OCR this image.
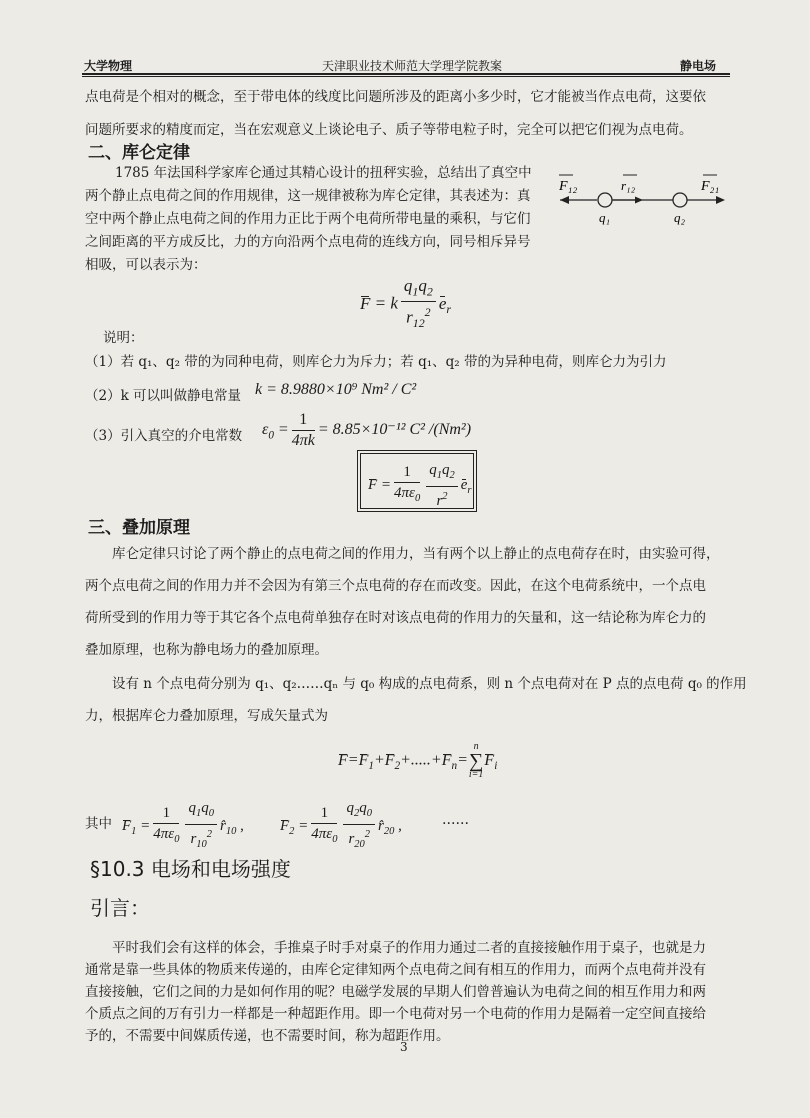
大学物理	天津职业技术师范大学理学院教案	静电场
点电荷是个相对的概念，至于带电体的线度比问题所涉及的距离小多少时，它才能被当作点电荷，这要依
问题所要求的精度而定，当在宏观意义上谈论电子、质子等带电粒子时，完全可以把它们视为点电荷。
二、库仑定律
1785 年法国科学家库仑通过其精心设计的扭秤实验，总结出了真空中
两个静止点电荷之间的作用规律，这一规律被称为库仑定律，其表述为：真
空中两个静止点电荷之间的作用力正比于两个电荷所带电量的乘积，与它们
之间距离的平方成反比，力的方向沿两个点电荷的连线方向，同号相斥异号
相吸，可以表示为：
F₁₂	r₁₂	F₂₁
q₁	q₂
F = k $\frac{q_1q_2}{r_{12}^2} e_r$
说明：
（1）若 q₁、q₂ 带的为同种电荷，则库仑力为斥力；若 q₁、q₂ 带的为异种电荷，则库仑力为引力
（2）k 可以叫做静电常量 k = 8.9880×10⁹ Nm² / C²
（3）引入真空的介电常数 $\varepsilon_0 = \frac{1}{4\pi k} = 8.85\times 10^{-12}$ C² /(Nm²)
$F = \frac{1}{4\pi\varepsilon_0} \frac{q_1q_2}{r^2} e_r$
三、叠加原理
库仑定律只讨论了两个静止的点电荷之间的作用力，当有两个以上静止的点电荷存在时，由实验可得，
两个点电荷之间的作用力并不会因为有第三个点电荷的存在而改变。因此，在这个电荷系统中，一个点电
荷所受到的作用力等于其它各个点电荷单独存在时对该点电荷的作用力的矢量和，这一结论称为库仑力的
叠加原理，也称为静电场力的叠加原理。
设有 n 个点电荷分别为 q₁、q₂……qₙ 与 q₀ 构成的点电荷系，则 n 个点电荷对在 P 点的点电荷 q₀ 的作用
力，根据库仑力叠加原理，写成矢量式为
$F=F_1+F_2+.....+F_n=$
n
∑
i=1
$F_i$
其中 $F_1 = \frac{1}{4\pi\varepsilon_0} \frac{q_1q_0}{r_{10}^2}$ $r̂_{10}$ , $F_2 = \frac{1}{4\pi\varepsilon_0} \frac{q_2q_0}{r_{20}^2}$ $r̂_{20}$ ,	……
§10.3 电场和电场强度
引言：
平时我们会有这样的体会，手推桌子时手对桌子的作用力通过二者的直接接触作用于桌子，也就是力
通常是靠一些具体的物质来传递的，由库仑定律知两个点电荷之间有相互的作用力，而两个点电荷并没有
直接接触，它们之间的力是如何作用的呢？电磁学发展的早期人们曾普遍认为电荷之间的相互作用力和两
个质点之间的万有引力一样都是一种超距作用。即一个电荷对另一个电荷的作用力是隔着一定空间直接给
予的，不需要中间媒质传递，也不需要时间，称为超距作用。
3
